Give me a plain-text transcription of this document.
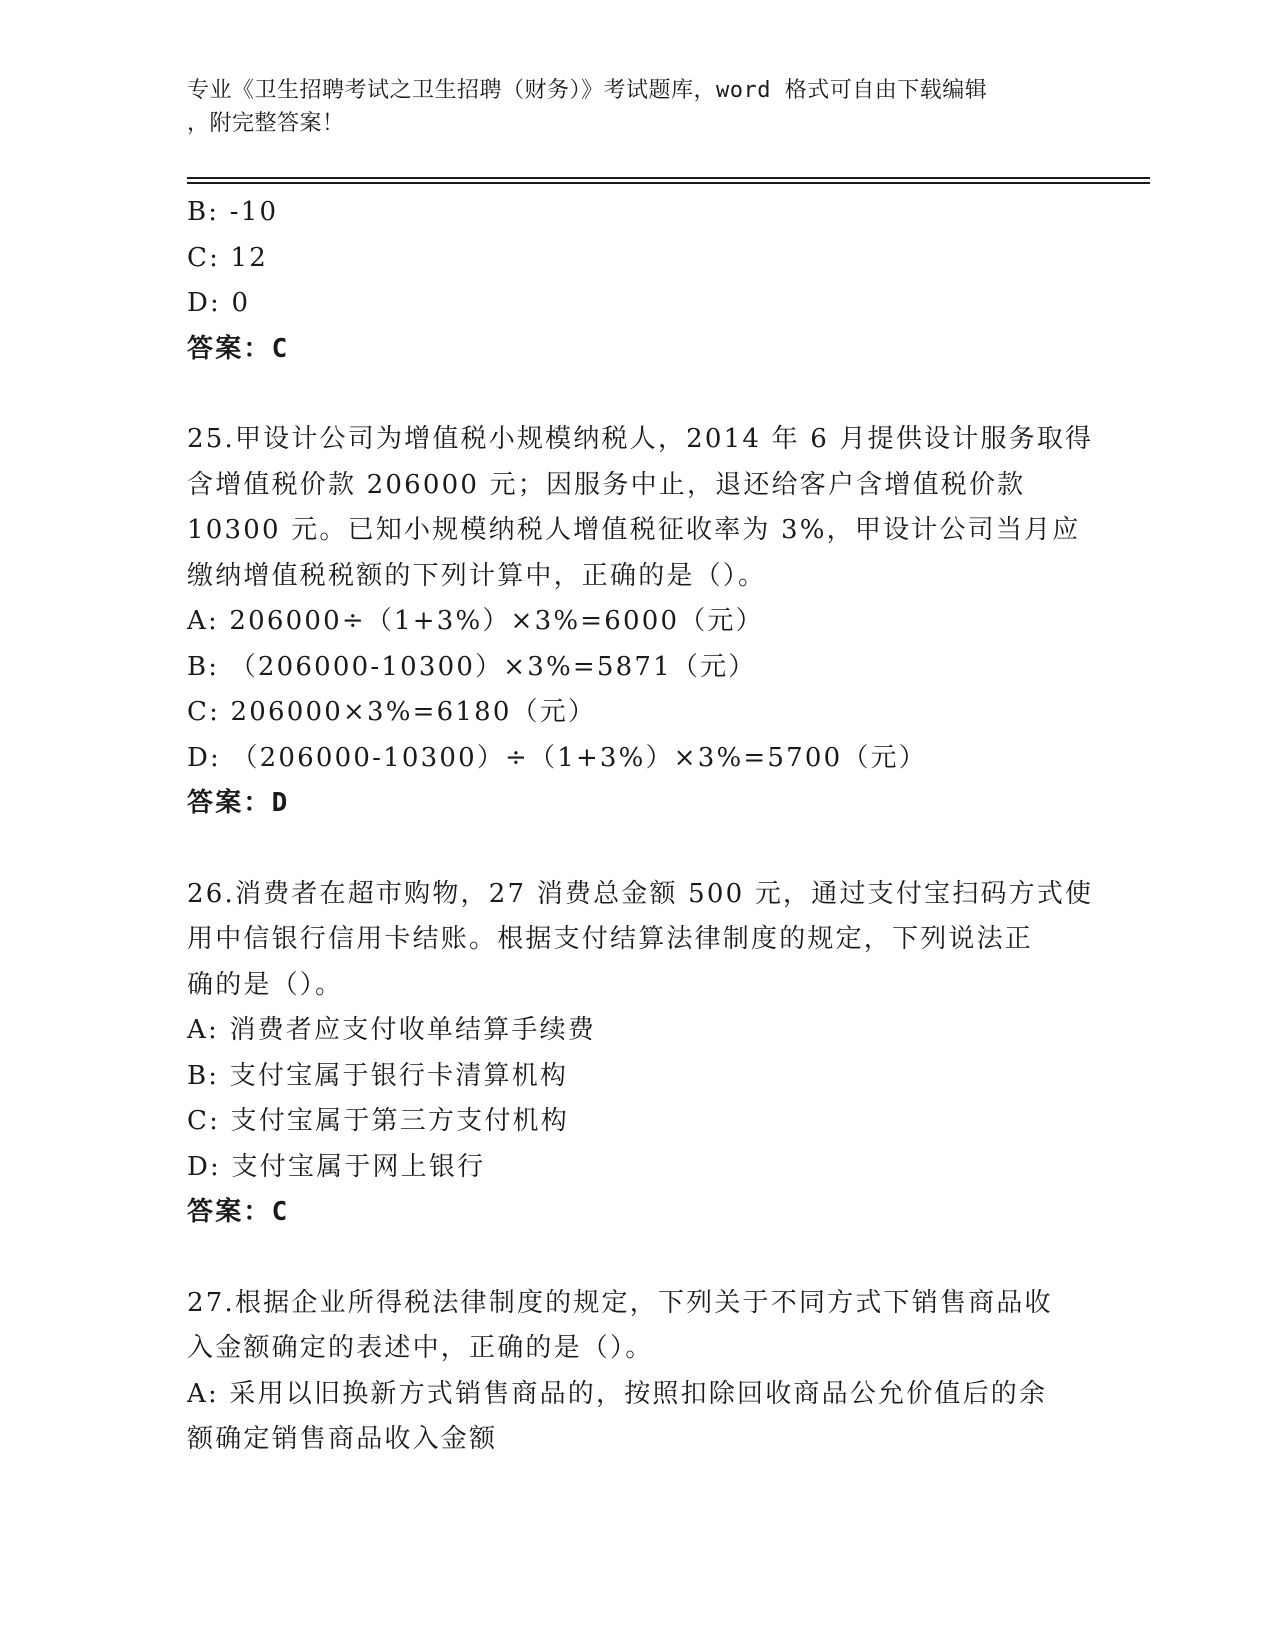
专业《卫生招聘考试之卫生招聘（财务）》考试题库，word 格式可自由下载编辑
，附完整答案！
B: -10
C: 12
D: 0
答案：C
25.甲设计公司为增值税小规模纳税人，2014 年 6 月提供设计服务取得
含增值税价款 206000 元；因服务中止，退还给客户含增值税价款
10300 元。已知小规模纳税人增值税征收率为 3%，甲设计公司当月应
缴纳增值税税额的下列计算中，正确的是（）。
A: 206000÷（1+3%）×3%=6000（元）
B: （206000-10300）×3%=5871（元）
C: 206000×3%=6180（元）
D: （206000-10300）÷（1+3%）×3%=5700（元）
答案：D
26.消费者在超市购物，27 消费总金额 500 元，通过支付宝扫码方式使
用中信银行信用卡结账。根据支付结算法律制度的规定，下列说法正
确的是（）。
A: 消费者应支付收单结算手续费
B: 支付宝属于银行卡清算机构
C: 支付宝属于第三方支付机构
D: 支付宝属于网上银行
答案：C
27.根据企业所得税法律制度的规定，下列关于不同方式下销售商品收
入金额确定的表述中，正确的是（）。
A: 采用以旧换新方式销售商品的，按照扣除回收商品公允价值后的余
额确定销售商品收入金额
